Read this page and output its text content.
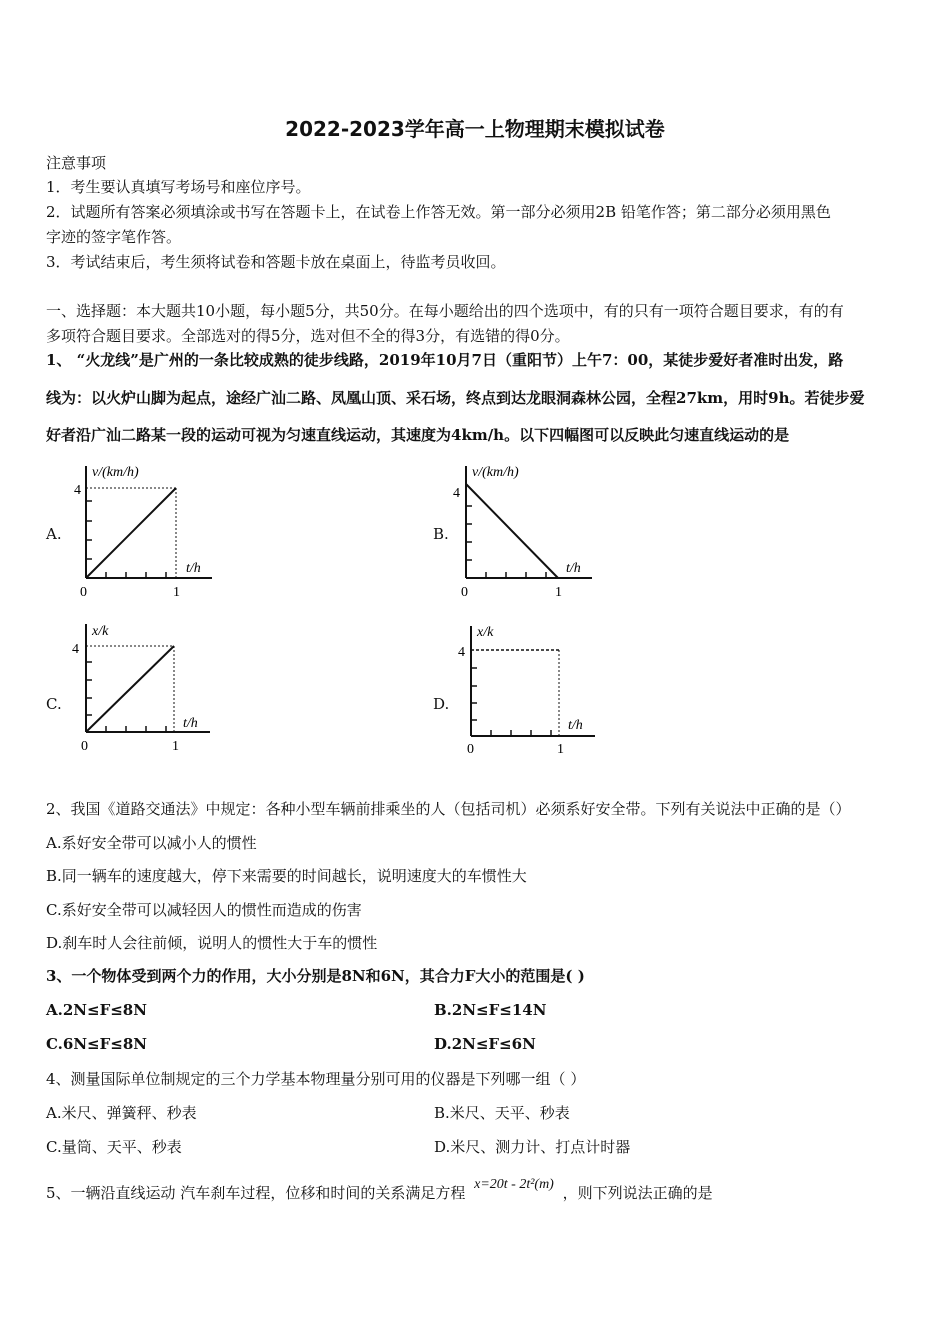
2022-2023学年高一上物理期末模拟试卷
注意事项
1．考生要认真填写考场号和座位序号。
2．试题所有答案必须填涂或书写在答题卡上，在试卷上作答无效。第一部分必须用2B 铅笔作答；第二部分必须用黑色
字迹的签字笔作答。
3．考试结束后，考生须将试卷和答题卡放在桌面上，待监考员收回。
一、选择题：本大题共10小题，每小题5分，共50分。在每小题给出的四个选项中，有的只有一项符合题目要求，有的有
多项符合题目要求。全部选对的得5分，选对但不全的得3分，有选错的得0分。
1、 “火龙线”是广州的一条比较成熟的徒步线路，2019年10月7日（重阳节）上午7：00，某徒步爱好者准时出发，路
线为：以火炉山脚为起点，途经广汕二路、凤凰山顶、采石场，终点到达龙眼洞森林公园，全程27km，用时9h。若徒步爱
好者沿广汕二路某一段的运动可视为匀速直线运动，其速度为4km/h。以下四幅图可以反映此匀速直线运动的是
A.
v/(km/h)
4
t/h
0	1
B.
v/(km/h)
4
t/h
0	1
C.
x/k
4
t/h
0	1
D.
x/k
4
t/h
0	1
2、我国《道路交通法》中规定：各种小型车辆前排乘坐的人（包括司机）必须系好安全带。下列有关说法中正确的是（）
A.系好安全带可以减小人的惯性
B.同一辆车的速度越大，停下来需要的时间越长，说明速度大的车惯性大
C.系好安全带可以减轻因人的惯性而造成的伤害
D.刹车时人会往前倾，说明人的惯性大于车的惯性
3、一个物体受到两个力的作用，大小分别是8N和6N，其合力F大小的范围是( )
A.2N≤F≤8N	B.2N≤F≤14N
C.6N≤F≤8N	D.2N≤F≤6N
4、测量国际单位制规定的三个力学基本物理量分别可用的仪器是下列哪一组（ ）
A.米尺、弹簧秤、秒表	B.米尺、天平、秒表
C.量筒、天平、秒表	D.米尺、测力计、打点计时器
5、一辆沿直线运动 汽车刹车过程，位移和时间的关系满足方程 x=20t - 2t²(m) ，则下列说法正确的是
